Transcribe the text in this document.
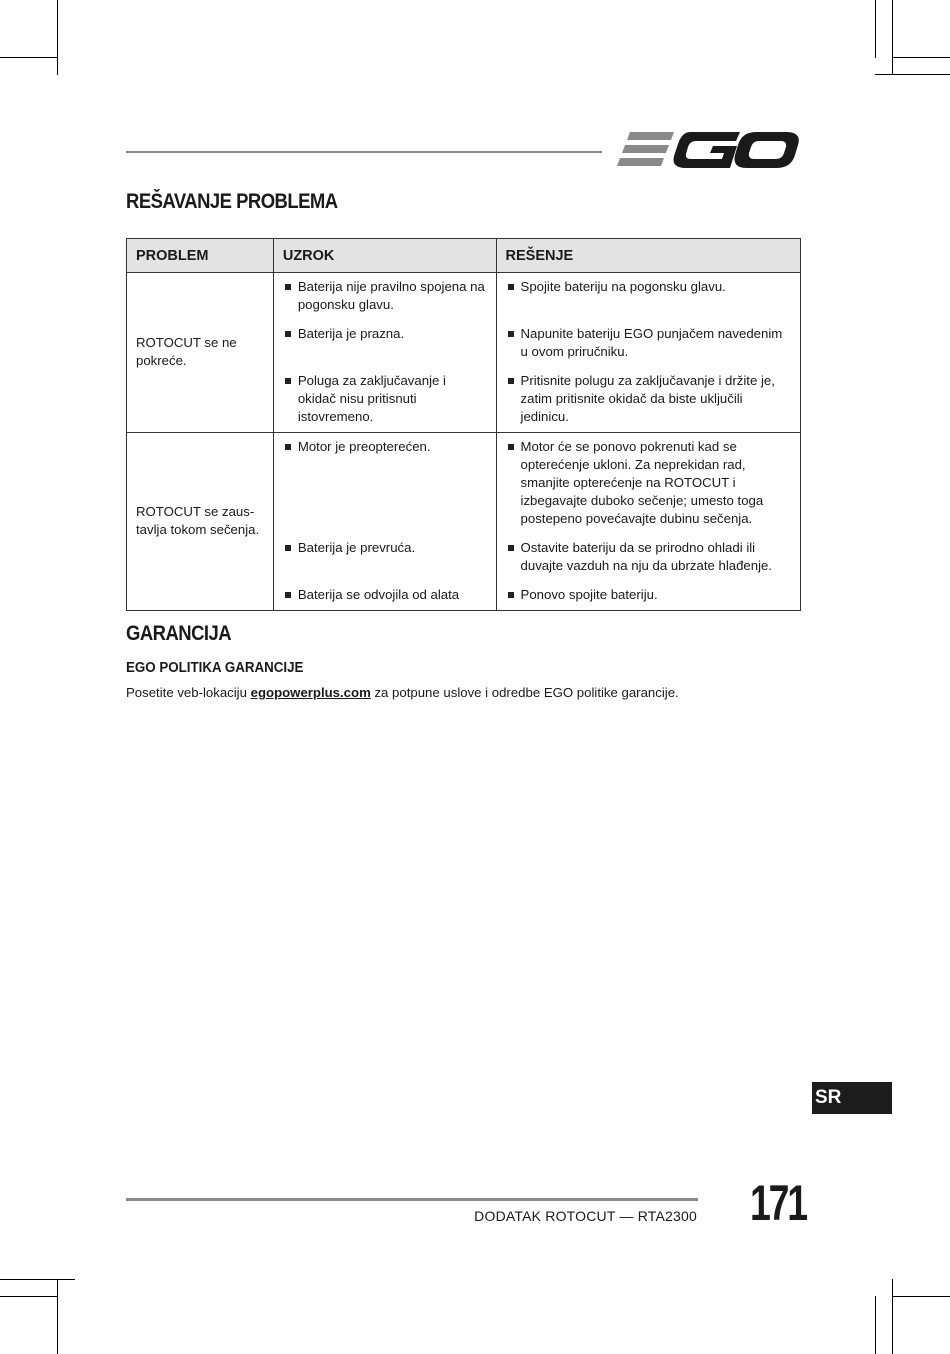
REŠAVANJE PROBLEMA
PROBLEM	UZROK	REŠENJE
ROTOCUT se ne pokreće.	Baterija nije pravilno spojena na pogonsku glavu.	Spojite bateriju na pogonsku glavu.

	Baterija je prazna.	Napunite bateriju EGO punjačem navedenim u ovom priručniku.

	Poluga za zaključavanje i okidač nisu pritisnuti istovremeno.	Pritisnite polugu za zaključavanje i držite je, zatim pritisnite okidač da biste uključili jedinicu.

ROTOCUT se zaus-tavlja tokom sečenja.	Motor je preopterećen.	Motor će se ponovo pokrenuti kad se opterećenje ukloni. Za neprekidan rad, smanjite opterećenje na ROTOCUT i izbegavajte duboko sečenje; umesto toga postepeno povećavajte dubinu sečenja.

	Baterija je prevruća.	Ostavite bateriju da se prirodno ohladi ili duvajte vazduh na nju da ubrzate hlađenje.

	Baterija se odvojila od alata	Ponovo spojite bateriju.
GARANCIJA
EGO POLITIKA GARANCIJE

Posetite veb-lokaciju egopowerplus.com za potpune uslove i odredbe EGO politike garancije.

SR
DODATAK ROTOCUT — RTA2300 171
